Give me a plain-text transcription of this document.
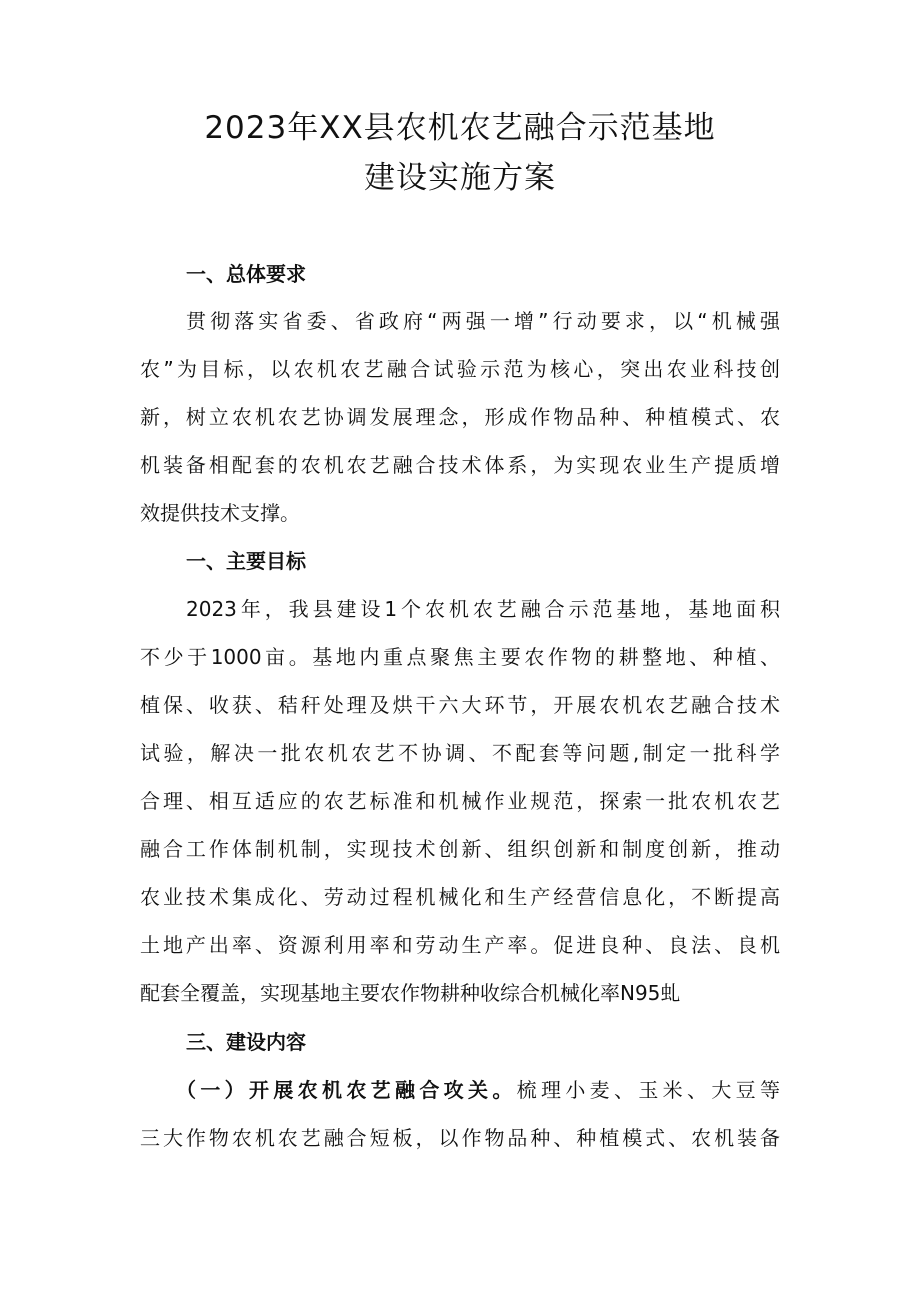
2023年XX县农机农艺融合示范基地
建设实施方案
一、总体要求
贯彻落实省委、省政府“两强一增”行动要求，以“机械强
农”为目标，以农机农艺融合试验示范为核心，突出农业科技创
新，树立农机农艺协调发展理念，形成作物品种、种植模式、农
机装备相配套的农机农艺融合技术体系，为实现农业生产提质增
效提供技术支撑。
一、主要目标
2023年，我县建设1个农机农艺融合示范基地，基地面积
不少于1000亩。基地内重点聚焦主要农作物的耕整地、种植、
植保、收获、秸秆处理及烘干六大环节，开展农机农艺融合技术
试验，解决一批农机农艺不协调、不配套等问题,制定一批科学
合理、相互适应的农艺标准和机械作业规范，探索一批农机农艺
融合工作体制机制，实现技术创新、组织创新和制度创新，推动
农业技术集成化、劳动过程机械化和生产经营信息化，不断提高
土地产出率、资源利用率和劳动生产率。促进良种、良法、良机
配套全覆盖，实现基地主要农作物耕种收综合机械化率N95虬
三、建设内容
（一）开展农机农艺融合攻关。梳理小麦、玉米、大豆等
三大作物农机农艺融合短板，以作物品种、种植模式、农机装备
